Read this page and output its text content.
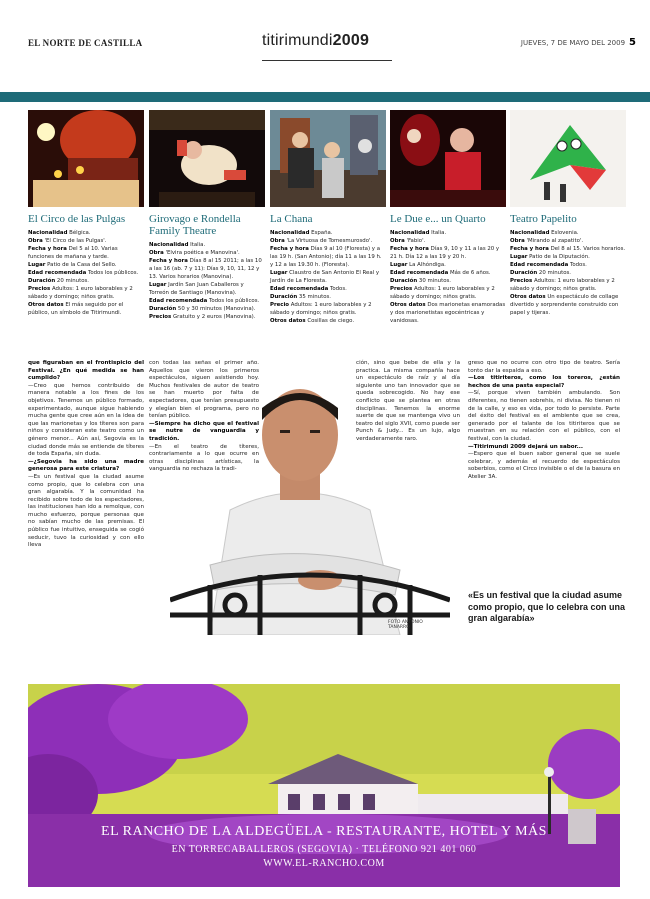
EL NORTE DE CASTILLA	titirimundi2009	JUEVES, 7 DE MAYO DEL 2009 5
El Circo de las Pulgas

Nacionalidad Bélgica.
Obra 'El Circo de las Pulgas'.
Fecha y hora Del 5 al 10. Varias funciones de mañana y tarde.
Lugar Patio de la Casa del Sello.
Edad recomendada Todos los públicos.
Duración 20 minutos.
Precios Adultos: 1 euro laborables y 2 sábado y domingo; niños gratis.
Otros datos El más seguido por el público, un símbolo de Titirimundi.

Girovago e Rondella
Family Theatre

Nacionalidad Italia.
Obra 'Elvira poética e Manovina'.
Fecha y hora Días 8 al 15 2011; a las 10 a las 16 (ab. 7 y 11): Días 9, 10, 11, 12 y 13. Varios horarios (Manovina).
Lugar Jardín San Juan Caballeros y Torreón de Santiago (Manovina).
Edad recomendada Todos los públicos.
Duración 50 y 30 minutos (Manovina).
Precios Gratuito y 2 euros (Manovina).

La Chana

Nacionalidad España.
Obra 'La Virtuosa de Tomesmurosdo'.
Fecha y hora Días 9 al 10 (Floresta) y a las 19 h. (San Antonio); día 11 a las 19 h. y 12 a las 19.30 h. (Floresta).
Lugar Claustro de San Antonio El Real y Jardín de La Floresta.
Edad recomendada Todos.
Duración 35 minutos.
Precio Adultos: 1 euro laborables y 2 sábado y domingo; niños gratis.
Otros datos Cosillas de ciego.

Le Due e... un Quarto

Nacionalidad Italia.
Obra 'Fabio'.
Fecha y hora Días 9, 10 y 11 a las 20 y 21 h. Día 12 a las 19 y 20 h.
Lugar La Alhóndiga.
Edad recomendada Más de 6 años.
Duración 30 minutos.
Precios Adultos: 1 euro laborables y 2 sábado y domingo; niños gratis.
Otros datos Dos marionetas enamoradas y dos marionetistas egocéntricas y vanidosas.

Teatro Papelito

Nacionalidad Eslovenia.
Obra 'Mirando al zapatito'.
Fecha y hora Del 8 al 15. Varios horarios.
Lugar Patio de la Diputación.
Edad recomendada Todos.
Duración 20 minutos.
Precios Adultos: 1 euro laborables y 2 sábado y domingo; niños gratis.
Otros datos Un espectáculo de collage divertido y sorprendente construido con papel y tijeras.

que figuraban en el frontispicio del Festival. ¿En qué medida se han cumplido?
—Creo que hemos contribuido de manera notable a los fines de los objetivos. Tenemos un público formado, experimentado, aunque sigue habiendo mucha gente que cree aún en la idea de que las marionetas y los títeres son para niños y consideran este teatro como un género menor... Aún así, Segovia es la ciudad donde más se entiende de títeres de toda España, sin duda.
—¿Segovia ha sido una madre generosa para este criatura?
—Es un festival que la ciudad asume como propio, que lo celebra con una gran algarabía. Y la comunidad ha recibido sobre todo de los espectadores, las instituciones han ido a remolque, con mucho esfuerzo, porque personas que no sabían mucho de las premisas. El público fue intuitivo, enseguida se cogió seducir, tuvo la curiosidad y con ello lleva
con todas las señas el primer año. Aquellos que vieron los primeros espectáculos, siguen asistiendo hoy. Muchos festivales de autor de teatro se han muerto por falta de espectadores, que tenían presupuesto y elegían bien el programa, pero no tenían público.
—Siempre ha dicho que el festival se nutre de vanguardia y tradición.
—En el teatro de títeres, contrariamente a lo que ocurre en otras disciplinas artísticas, la vanguardia no rechaza la tradi-
ción, sino que bebe de ella y la practica. La misma compañía hace un espectáculo de raíz y al día siguiente uno tan innovador que se queda sobrecogido. No hay ese conflicto que se plantea en otras disciplinas. Tenemos la enorme suerte de que se mantenga vivo un teatro del siglo XVII, como puede ser Punch & Judy... Es un lujo, algo verdaderamente raro.
greso que no ocurre con otro tipo de teatro. Sería tonto dar la espalda a eso.
—Los titiriteros, como los toreros, ¿están hechos de una pasta especial?
—Sí, porque viven también ambulando. Son diferentes, no tienen sobrehis, ni divisa. No tienen ni de la calle, y eso es vida, por todo lo persiste. Parte del éxito del festival es el ambiente que se crea, generado por el talante de los titiriteros que se muestran en su relación con el público, con el festival, con la ciudad.
—Titirimundi 2009 dejará un sabor...
—Espero que el buen sabor general que se suele celebrar, y además el recuerdo de espectáculos soberbios, como el Circo invisible o el de la basura en Atelier 3A.
FOTO ANTONIO TANARRO
«Es un festival que la ciudad asume como propio, que lo celebra con una gran algarabía»
EL RANCHO DE LA ALDEGÜELA - RESTAURANTE, HOTEL Y MÁS
EN TORRECABALLEROS (SEGOVIA) · TELÉFONO 921 401 060
WWW.EL-RANCHO.COM
